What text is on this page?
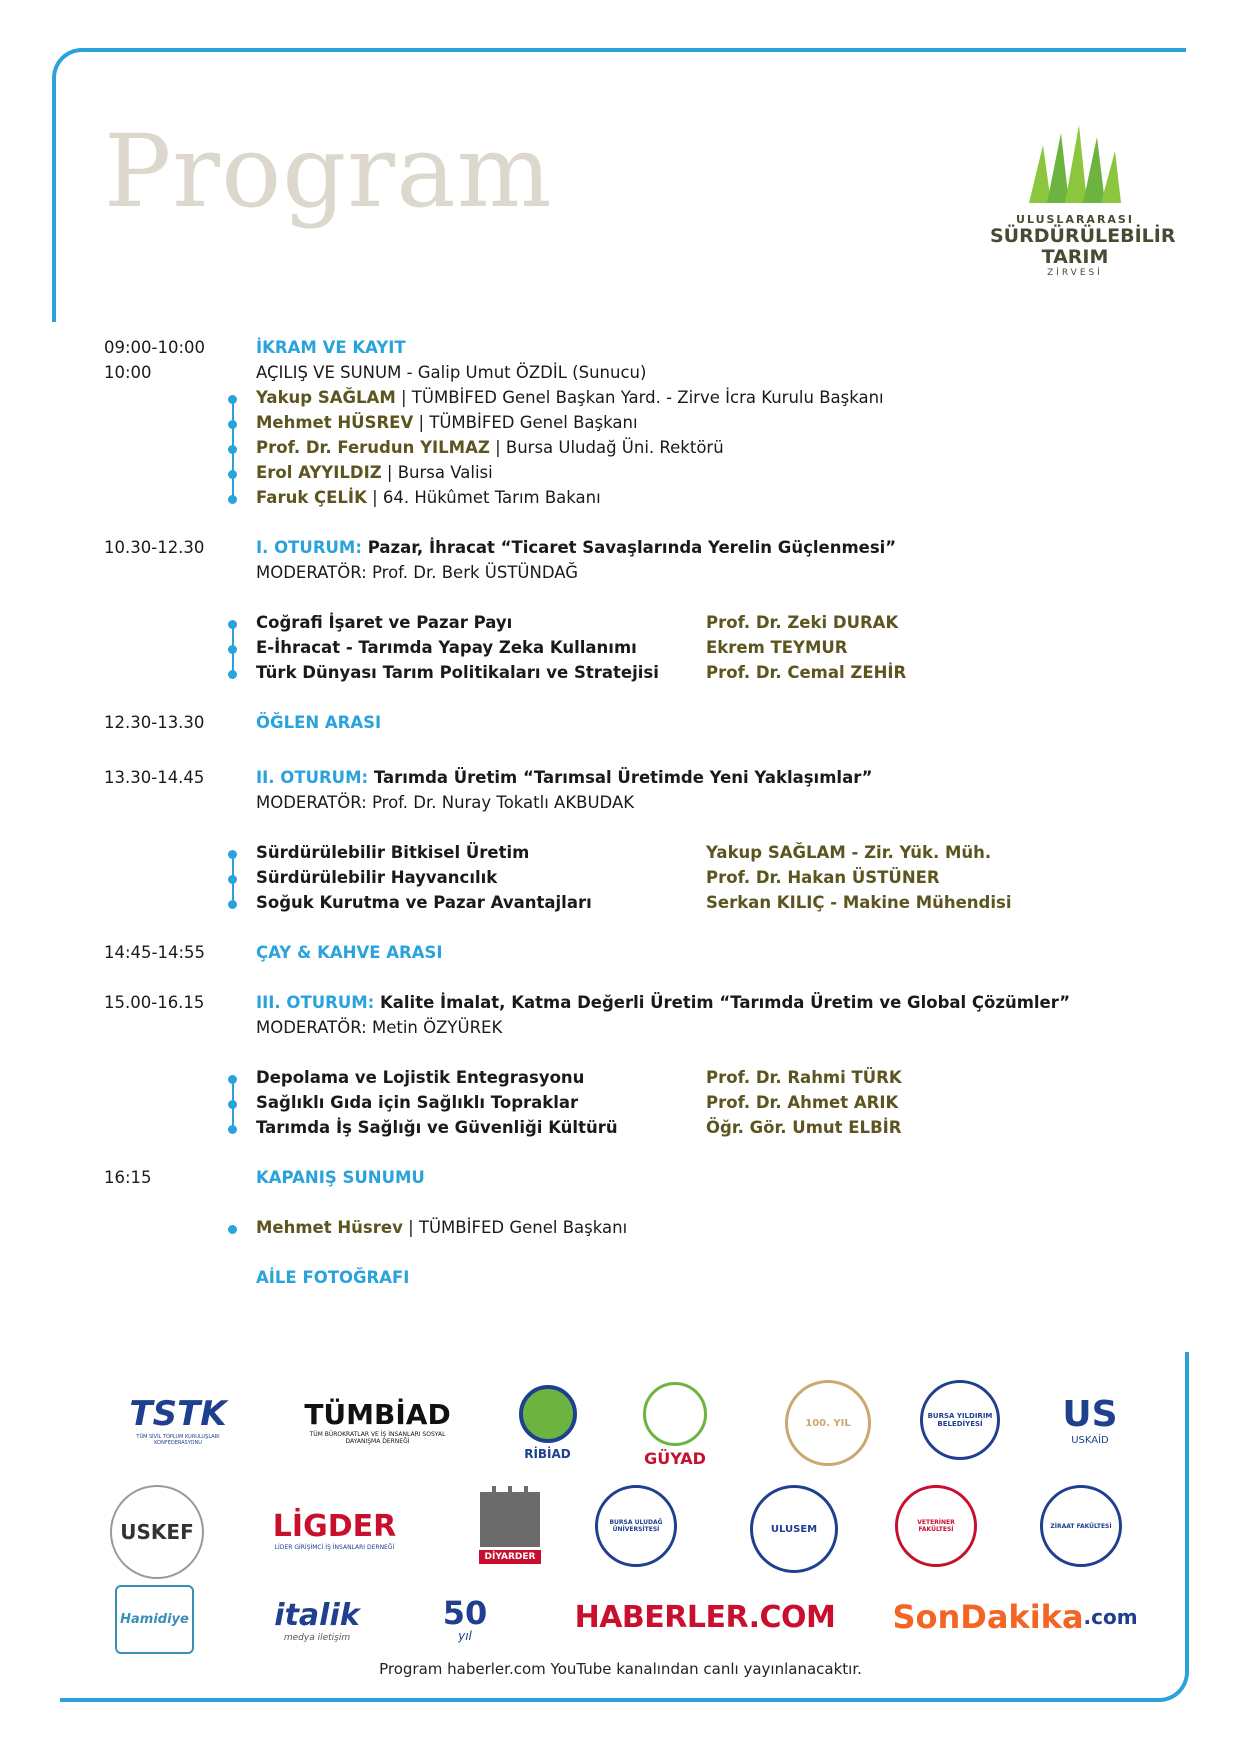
Program	ULUSLARARASI
SÜRDÜRÜLEBİLİR
TARIM
ZİRVESİ
09:00-10:00	İKRAM VE KAYIT
10:00	AÇILIŞ VE SUNUM - Galip Umut ÖZDİL (Sunucu)
Yakup SAĞLAM | TÜMBİFED Genel Başkan Yard. - Zirve İcra Kurulu Başkanı
Mehmet HÜSREV | TÜMBİFED Genel Başkanı
Prof. Dr. Ferudun YILMAZ | Bursa Uludağ Üni. Rektörü
Erol AYYILDIZ | Bursa Valisi
Faruk ÇELİK | 64. Hükûmet Tarım Bakanı
10.30-12.30	I. OTURUM: Pazar, İhracat “Ticaret Savaşlarında Yerelin Güçlenmesi”
MODERATÖR: Prof. Dr. Berk ÜSTÜNDAĞ
Coğrafi İşaret ve Pazar Payı	Prof. Dr. Zeki DURAK
E-İhracat - Tarımda Yapay Zeka Kullanımı	Ekrem TEYMUR
Türk Dünyası Tarım Politikaları ve Stratejisi	Prof. Dr. Cemal ZEHİR
12.30-13.30	ÖĞLEN ARASI
13.30-14.45	II. OTURUM: Tarımda Üretim “Tarımsal Üretimde Yeni Yaklaşımlar”
MODERATÖR: Prof. Dr. Nuray Tokatlı AKBUDAK
Sürdürülebilir Bitkisel Üretim	Yakup SAĞLAM - Zir. Yük. Müh.
Sürdürülebilir Hayvancılık	Prof. Dr. Hakan ÜSTÜNER
Soğuk Kurutma ve Pazar Avantajları	Serkan KILIÇ - Makine Mühendisi
14:45-14:55	ÇAY & KAHVE ARASI
15.00-16.15	III. OTURUM: Kalite İmalat, Katma Değerli Üretim “Tarımda Üretim ve Global Çözümler”
MODERATÖR: Metin ÖZYÜREK
Depolama ve Lojistik Entegrasyonu	Prof. Dr. Rahmi TÜRK
Sağlıklı Gıda için Sağlıklı Topraklar	Prof. Dr. Ahmet ARIK
Tarımda İş Sağlığı ve Güvenliği Kültürü	Öğr. Gör. Umut ELBİR
16:15	KAPANIŞ SUNUMU
Mehmet Hüsrev | TÜMBİFED Genel Başkanı
AİLE FOTOĞRAFI
TSTK
TÜM SİVİL TOPLUM KURULUŞLARI KONFEDERASYONU
TÜMBİAD
TÜM BÜROKRATLAR VE İŞ İNSANLARI SOSYAL DAYANIŞMA DERNEĞİ
RİBİAD	GÜYAD
100. YIL
BURSA YILDIRIM BELEDİYESİ	US
USKAİD
USKEF	LİGDER
LİDER GİRİŞİMCİ İŞ İNSANLARI DERNEĞİ
DİYARDER
BURSA ULUDAĞ ÜNİVERSİTESİ	ULUSEM
VETERİNER FAKÜLTESİ	ZİRAAT FAKÜLTESİ
Hamidiye	italik
medya iletişim
50
yıl
HABERLER.COM SonDakika .com
Program haberler.com YouTube kanalından canlı yayınlanacaktır.
